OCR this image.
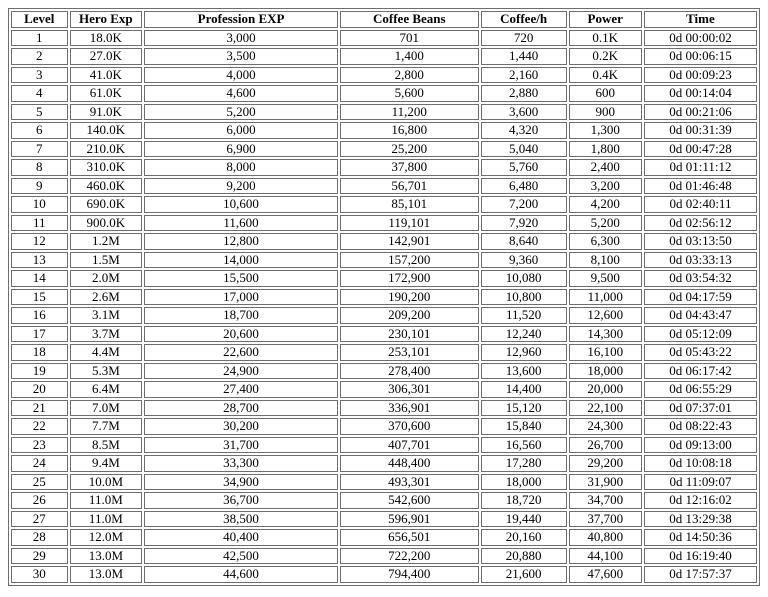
Level	Hero Exp	Profession EXP	Coffee Beans	Coffee/h	Power	Time
1	18.0K	3,000	701	720	0.1K	0d 00:00:02
2	27.0K	3,500	1,400	1,440	0.2K	0d 00:06:15
3	41.0K	4,000	2,800	2,160	0.4K	0d 00:09:23
4	61.0K	4,600	5,600	2,880	600	0d 00:14:04
5	91.0K	5,200	11,200	3,600	900	0d 00:21:06
6	140.0K	6,000	16,800	4,320	1,300	0d 00:31:39
7	210.0K	6,900	25,200	5,040	1,800	0d 00:47:28
8	310.0K	8,000	37,800	5,760	2,400	0d 01:11:12
9	460.0K	9,200	56,701	6,480	3,200	0d 01:46:48
10	690.0K	10,600	85,101	7,200	4,200	0d 02:40:11
11	900.0K	11,600	119,101	7,920	5,200	0d 02:56:12
12	1.2M	12,800	142,901	8,640	6,300	0d 03:13:50
13	1.5M	14,000	157,200	9,360	8,100	0d 03:33:13
14	2.0M	15,500	172,900	10,080	9,500	0d 03:54:32
15	2.6M	17,000	190,200	10,800	11,000	0d 04:17:59
16	3.1M	18,700	209,200	11,520	12,600	0d 04:43:47
17	3.7M	20,600	230,101	12,240	14,300	0d 05:12:09
18	4.4M	22,600	253,101	12,960	16,100	0d 05:43:22
19	5.3M	24,900	278,400	13,600	18,000	0d 06:17:42
20	6.4M	27,400	306,301	14,400	20,000	0d 06:55:29
21	7.0M	28,700	336,901	15,120	22,100	0d 07:37:01
22	7.7M	30,200	370,600	15,840	24,300	0d 08:22:43
23	8.5M	31,700	407,701	16,560	26,700	0d 09:13:00
24	9.4M	33,300	448,400	17,280	29,200	0d 10:08:18
25	10.0M	34,900	493,301	18,000	31,900	0d 11:09:07
26	11.0M	36,700	542,600	18,720	34,700	0d 12:16:02
27	11.0M	38,500	596,901	19,440	37,700	0d 13:29:38
28	12.0M	40,400	656,501	20,160	40,800	0d 14:50:36
29	13.0M	42,500	722,200	20,880	44,100	0d 16:19:40
30	13.0M	44,600	794,400	21,600	47,600	0d 17:57:37
